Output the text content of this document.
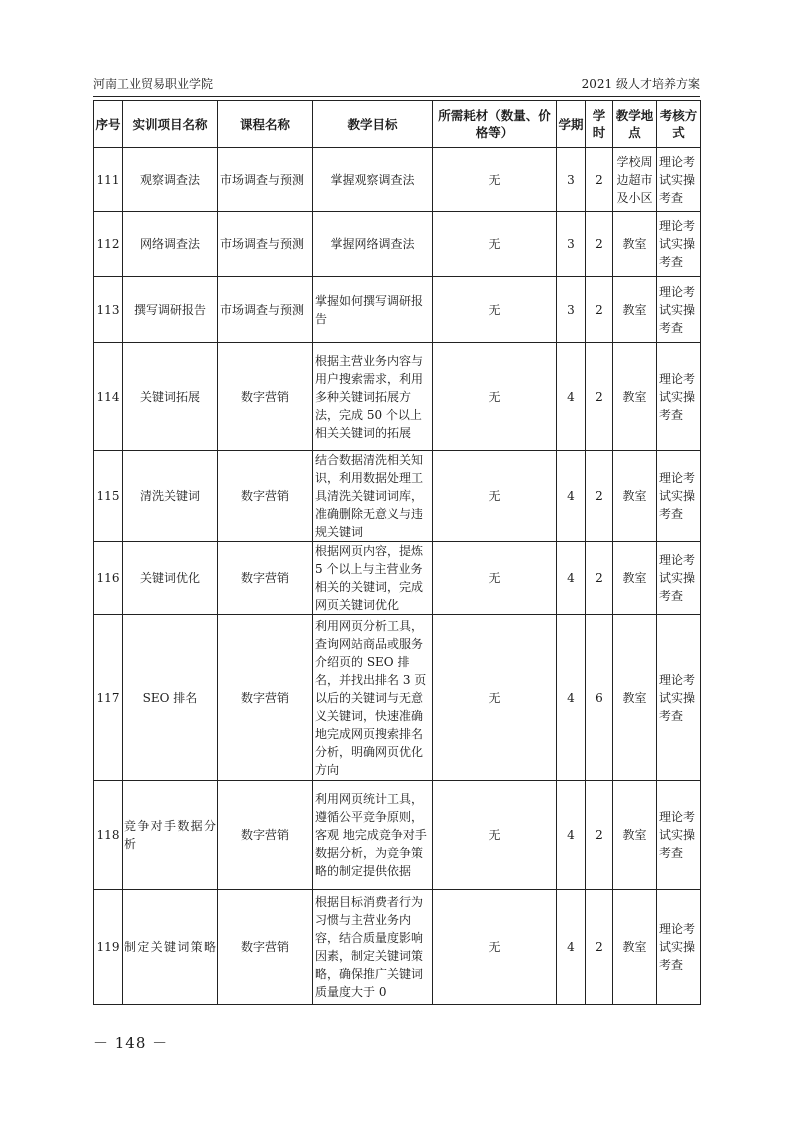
河南工业贸易职业学院	2021 级人才培养方案
序号	实训项目名称	课程名称	教学目标	所需耗材（数量、价格等）	学期	学时	教学地点	考核方式
111	观察调查法	市场调查与预测	掌握观察调查法	无	3	2	学校周边超市及小区	理论考试实操考查
112	网络调查法	市场调查与预测	掌握网络调查法	无	3	2	教室	理论考试实操考查
113	撰写调研报告	市场调查与预测	掌握如何撰写调研报告	无	3	2	教室	理论考试实操考查
114	关键词拓展	数字营销	根据主营业务内容与用户搜索需求，利用多种关键词拓展方法，完成 50 个以上相关关键词的拓展	无	4	2	教室	理论考试实操考查
115	清洗关键词	数字营销	结合数据清洗相关知识，利用数据处理工具清洗关键词词库，准确删除无意义与违规关键词	无	4	2	教室	理论考试实操考查
116	关键词优化	数字营销	根据网页内容，提炼 5 个以上与主营业务相关的关键词，完成网页关键词优化	无	4	2	教室	理论考试实操考查
117	SEO 排名	数字营销	利用网页分析工具，查询网站商品或服务介绍页的 SEO 排名，并找出排名 3 页以后的关键词与无意义关键词，快速准确地完成网页搜索排名分析，明确网页优化方向	无	4	6	教室	理论考试实操考查
118	竞争对手数据分析	数字营销	利用网页统计工具，遵循公平竞争原则，客观 地完成竞争对手数据分析，为竞争策略的制定提供依据	无	4	2	教室	理论考试实操考查
119	制定关键词策略	数字营销	根据目标消费者行为习惯与主营业务内容，结合质量度影响因素，制定关键词策略，确保推广关键词质量度大于 0	无	4	2	教室	理论考试实操考查
－ 148 －
